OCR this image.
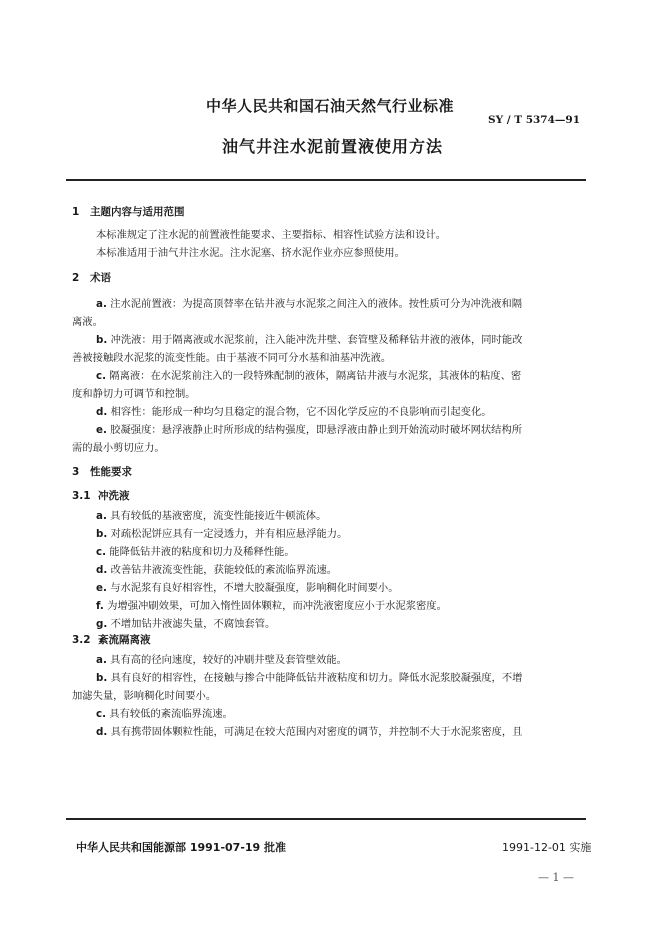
中华人民共和国石油天然气行业标准
SY / T 5374—91
油气井注水泥前置液使用方法
1 主题内容与适用范围
本标准规定了注水泥的前置液性能要求、主要指标、相容性试验方法和设计。
本标准适用于油气井注水泥。注水泥塞、挤水泥作业亦应参照使用。
2 术语
a. 注水泥前置液：为提高顶替率在钻井液与水泥浆之间注入的液体。按性质可分为冲洗液和隔
离液。
b. 冲洗液：用于隔离液或水泥浆前，注入能冲洗井壁、套管壁及稀释钻井液的液体，同时能改
善被接触段水泥浆的流变性能。由于基液不同可分水基和油基冲洗液。
c. 隔离液：在水泥浆前注入的一段特殊配制的液体，隔离钻井液与水泥浆，其液体的粘度、密
度和静切力可调节和控制。
d. 相容性：能形成一种均匀且稳定的混合物，它不因化学反应的不良影响而引起变化。
e. 胶凝强度：悬浮液静止时所形成的结构强度，即悬浮液由静止到开始流动时破坏网状结构所
需的最小剪切应力。
3 性能要求
3.1 冲洗液
a. 具有较低的基液密度，流变性能接近牛顿流体。
b. 对疏松泥饼应具有一定浸透力，并有相应悬浮能力。
c. 能降低钻井液的粘度和切力及稀释性能。
d. 改善钻井液流变性能，获能较低的紊流临界流速。
e. 与水泥浆有良好相容性，不增大胶凝强度，影响稠化时间要小。
f. 为增强冲刷效果，可加入惰性固体颗粒，而冲洗液密度应小于水泥浆密度。
g. 不增加钻井液滤失量，不腐蚀套管。
3.2 紊流隔离液
a. 具有高的径向速度，较好的冲刷井壁及套管壁效能。
b. 具有良好的相容性，在接触与掺合中能降低钻井液粘度和切力。降低水泥浆胶凝强度，不增
加滤失量，影响稠化时间要小。
c. 具有较低的紊流临界流速。
d. 具有携带固体颗粒性能，可满足在较大范围内对密度的调节，并控制不大于水泥浆密度，且
中华人民共和国能源部 1991-07-19 批准	1991-12-01 实施
— 1 —
